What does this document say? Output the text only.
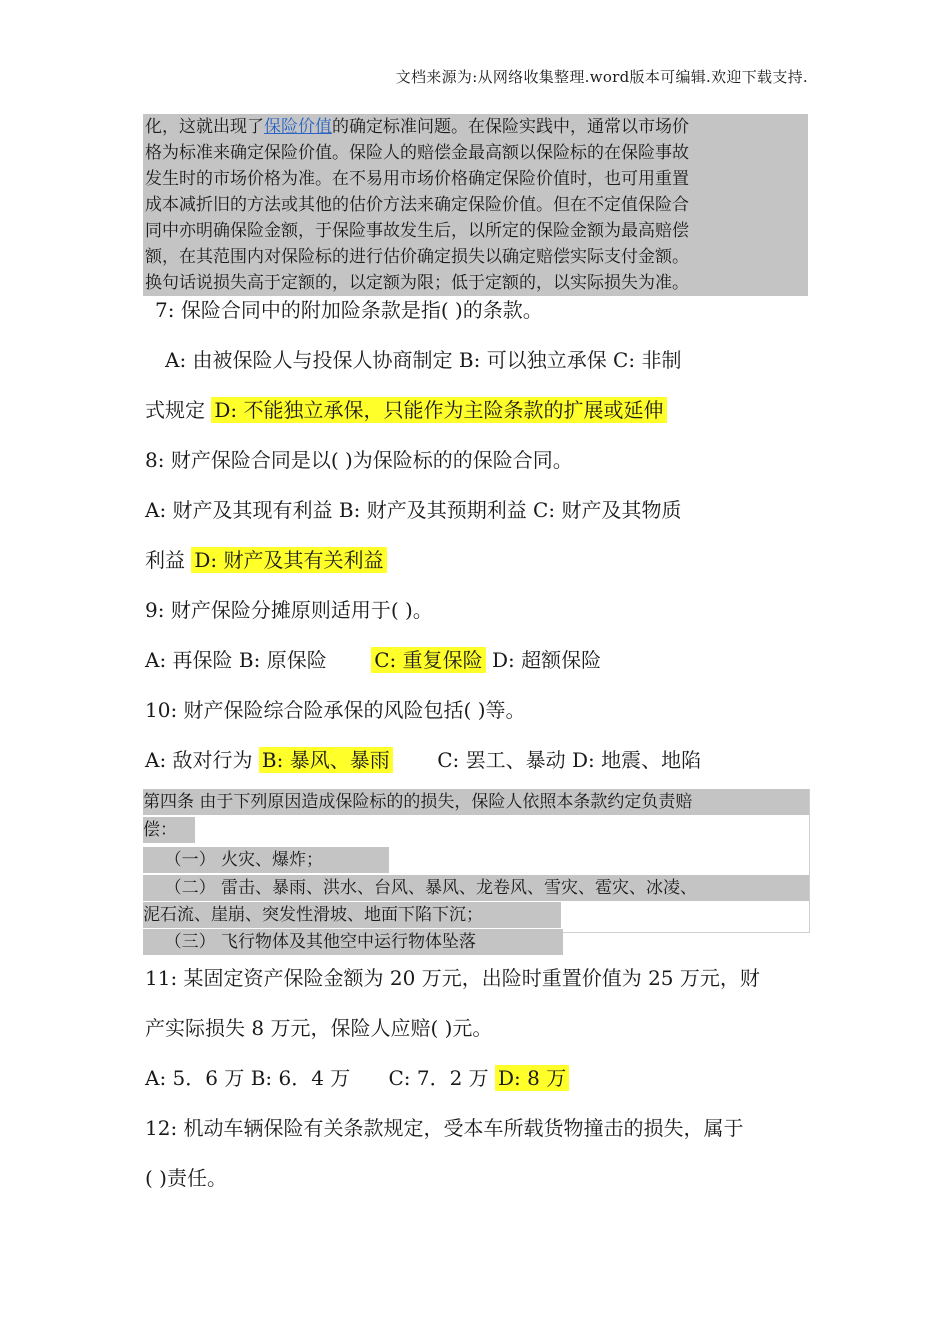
文档来源为:从网络收集整理.word版本可编辑.欢迎下载支持.
化，这就出现了保险价值的确定标准问题。在保险实践中，通常以市场价
格为标准来确定保险价值。保险人的赔偿金最高额以保险标的在保险事故
发生时的市场价格为准。在不易用市场价格确定保险价值时，也可用重置
成本减折旧的方法或其他的估价方法来确定保险价值。但在不定值保险合
同中亦明确保险金额，于保险事故发生后，以所定的保险金额为最高赔偿
额，在其范围内对保险标的进行估价确定损失以确定赔偿实际支付金额。
换句话说损失高于定额的，以定额为限；低于定额的，以实际损失为准。
7: 保险合同中的附加险条款是指( )的条款。
A: 由被保险人与投保人协商制定 B: 可以独立承保 C: 非制
式规定 D: 不能独立承保，只能作为主险条款的扩展或延伸
8: 财产保险合同是以( )为保险标的的保险合同。
A: 财产及其现有利益 B: 财产及其预期利益 C: 财产及其物质
利益 D: 财产及其有关利益
9: 财产保险分摊原则适用于( )。
A: 再保险 B: 原保险       C: 重复保险 D: 超额保险
10: 财产保险综合险承保的风险包括( )等。
A: 敌对行为 B: 暴风、暴雨       C: 罢工、暴动 D: 地震、地陷
第四条 由于下列原因造成保险标的的损失，保险人依照本条款约定负责赔
偿：
（一） 火灾、爆炸；
（二） 雷击、暴雨、洪水、台风、暴风、龙卷风、雪灾、雹灾、冰凌、
泥石流、崖崩、突发性滑坡、地面下陷下沉；
（三） 飞行物体及其他空中运行物体坠落
11: 某固定资产保险金额为 20 万元，出险时重置价值为 25 万元，财
产实际损失 8 万元，保险人应赔( )元。
A: 5．6 万 B: 6．4 万      C: 7．2 万 D: 8 万
12: 机动车辆保险有关条款规定，受本车所载货物撞击的损失，属于
( )责任。
